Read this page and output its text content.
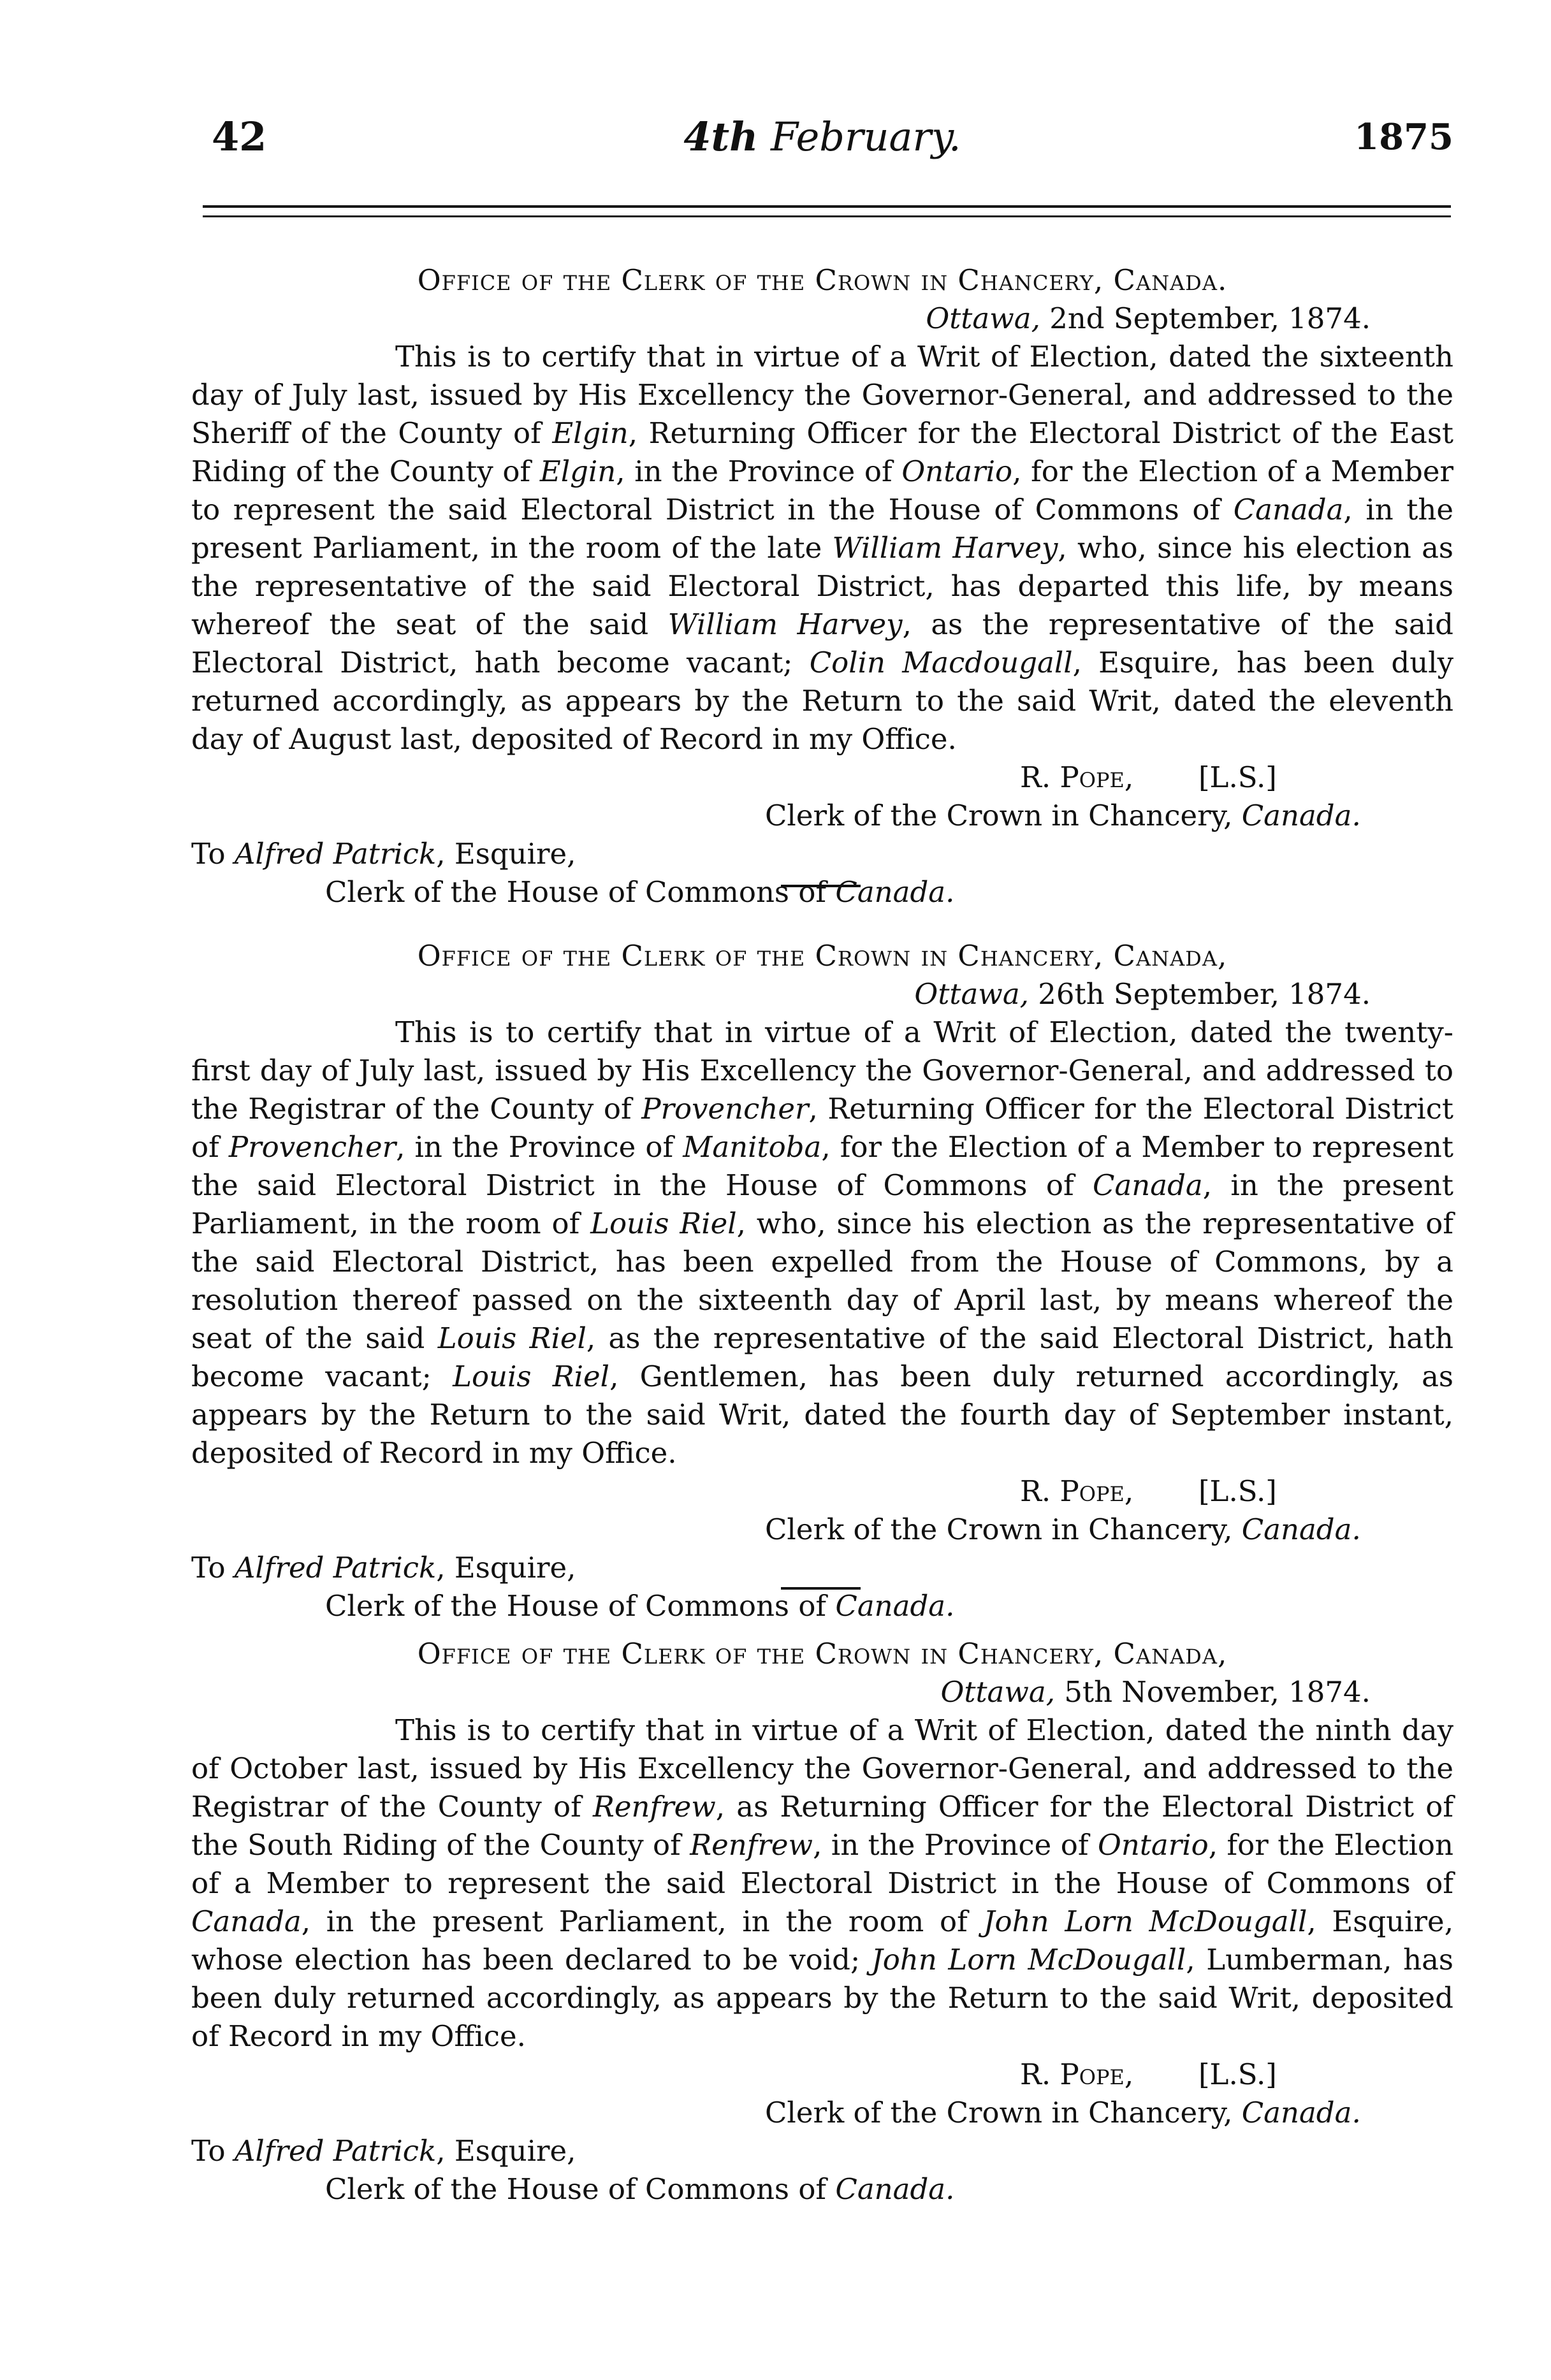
42	4th February.	1875

Office of the Clerk of the Crown in Chancery, Canada.

Ottawa, 2nd September, 1874.

This is to certify that in virtue of a Writ of Election, dated the sixteenth day of July last, issued by His Excellency the Governor-General, and addressed to the Sheriff of the County of Elgin, Returning Officer for the Electoral District of the East Riding of the County of Elgin, in the Province of Ontario, for the Election of a Member to represent the said Electoral District in the House of Commons of Canada, in the present Parliament, in the room of the late William Harvey, who, since his election as the representative of the said Electoral District, has departed this life, by means whereof the seat of the said William Harvey, as the representative of the said Electoral District, hath become vacant; Colin Macdougall, Esquire, has been duly returned accordingly, as appears by the Return to the said Writ, dated the eleventh day of August last, deposited of Record in my Office.

R. Pope, [L.S.]

Clerk of the Crown in Chancery, Canada.

To Alfred Patrick, Esquire,

Clerk of the House of Commons of Canada.

Office of the Clerk of the Crown in Chancery, Canada,

Ottawa, 26th September, 1874.

This is to certify that in virtue of a Writ of Election, dated the twenty-first day of July last, issued by His Excellency the Governor-General, and addressed to the Registrar of the County of Provencher, Returning Officer for the Electoral District of Provencher, in the Province of Manitoba, for the Election of a Member to represent the said Electoral District in the House of Commons of Canada, in the present Parliament, in the room of Louis Riel, who, since his election as the representative of the said Electoral District, has been expelled from the House of Commons, by a resolution thereof passed on the sixteenth day of April last, by means whereof the seat of the said Louis Riel, as the representative of the said Electoral District, hath become vacant; Louis Riel, Gentlemen, has been duly returned accordingly, as appears by the Return to the said Writ, dated the fourth day of September instant, deposited of Record in my Office.

R. Pope, [L.S.]

Clerk of the Crown in Chancery, Canada.

To Alfred Patrick, Esquire,

Clerk of the House of Commons of Canada.

Office of the Clerk of the Crown in Chancery, Canada,

Ottawa, 5th November, 1874.

This is to certify that in virtue of a Writ of Election, dated the ninth day of October last, issued by His Excellency the Governor-General, and addressed to the Registrar of the County of Renfrew, as Returning Officer for the Electoral District of the South Riding of the County of Renfrew, in the Province of Ontario, for the Election of a Member to represent the said Electoral District in the House of Commons of Canada, in the present Parliament, in the room of John Lorn McDougall, Esquire, whose election has been declared to be void; John Lorn McDougall, Lumberman, has been duly returned accordingly, as appears by the Return to the said Writ, deposited of Record in my Office.

R. Pope, [L.S.]

Clerk of the Crown in Chancery, Canada.

To Alfred Patrick, Esquire,

Clerk of the House of Commons of Canada.
